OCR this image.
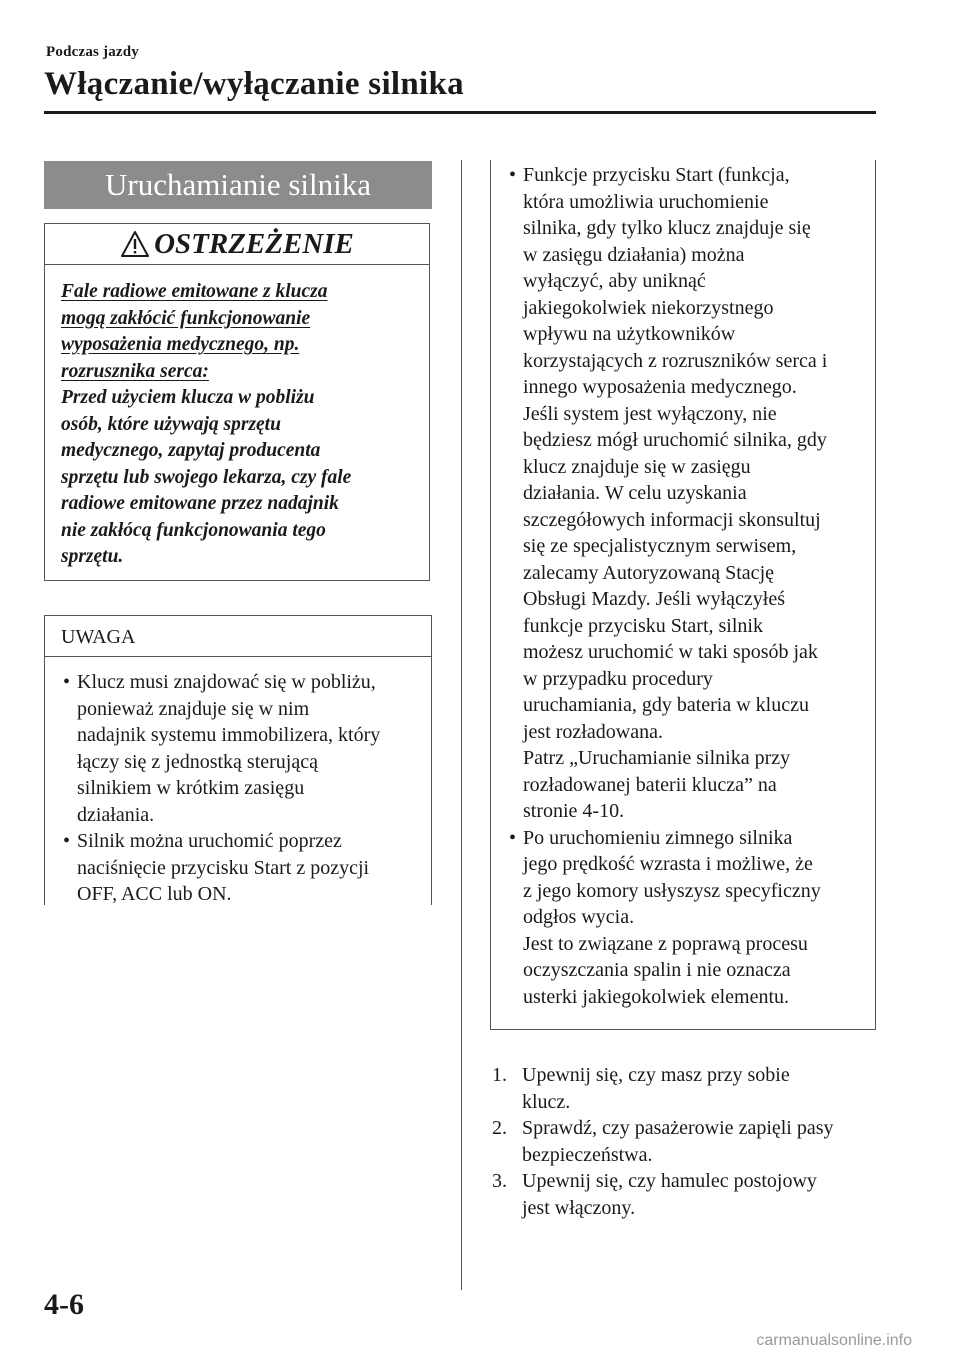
Podczas jazdy
Włączanie/wyłączanie silnika
Uruchamianie silnika
OSTRZEŻENIE
Fale radiowe emitowane z klucza
mogą zakłócić funkcjonowanie
wyposażenia medycznego, np.
rozrusznika serca:
Przed użyciem klucza w pobliżu
osób, które używają sprzętu
medycznego, zapytaj producenta
sprzętu lub swojego lekarza, czy fale
radiowe emitowane przez nadajnik
nie zakłócą funkcjonowania tego
sprzętu.
UWAGA
• Klucz musi znajdować się w pobliżu,
ponieważ znajduje się w nim
nadajnik systemu immobilizera, który
łączy się z jednostką sterującą
silnikiem w krótkim zasięgu
działania.
• Silnik można uruchomić poprzez
naciśnięcie przycisku Start z pozycji
OFF, ACC lub ON.
• Funkcje przycisku Start (funkcja,
która umożliwia uruchomienie
silnika, gdy tylko klucz znajduje się
w zasięgu działania) można
wyłączyć, aby uniknąć
jakiegokolwiek niekorzystnego
wpływu na użytkowników
korzystających z rozruszników serca i
innego wyposażenia medycznego.
Jeśli system jest wyłączony, nie
będziesz mógł uruchomić silnika, gdy
klucz znajduje się w zasięgu
działania. W celu uzyskania
szczegółowych informacji skonsultuj
się ze specjalistycznym serwisem,
zalecamy Autoryzowaną Stację
Obsługi Mazdy. Jeśli wyłączyłeś
funkcje przycisku Start, silnik
możesz uruchomić w taki sposób jak
w przypadku procedury
uruchamiania, gdy bateria w kluczu
jest rozładowana.
Patrz „Uruchamianie silnika przy
rozładowanej baterii klucza” na
stronie 4-10.
• Po uruchomieniu zimnego silnika
jego prędkość wzrasta i możliwe, że
z jego komory usłyszysz specyficzny
odgłos wycia.
Jest to związane z poprawą procesu
oczyszczania spalin i nie oznacza
usterki jakiegokolwiek elementu.
1. Upewnij się, czy masz przy sobie
klucz.
2. Sprawdź, czy pasażerowie zapięli pasy
bezpieczeństwa.
3. Upewnij się, czy hamulec postojowy
jest włączony.
4-6
carmanualsonline.info
